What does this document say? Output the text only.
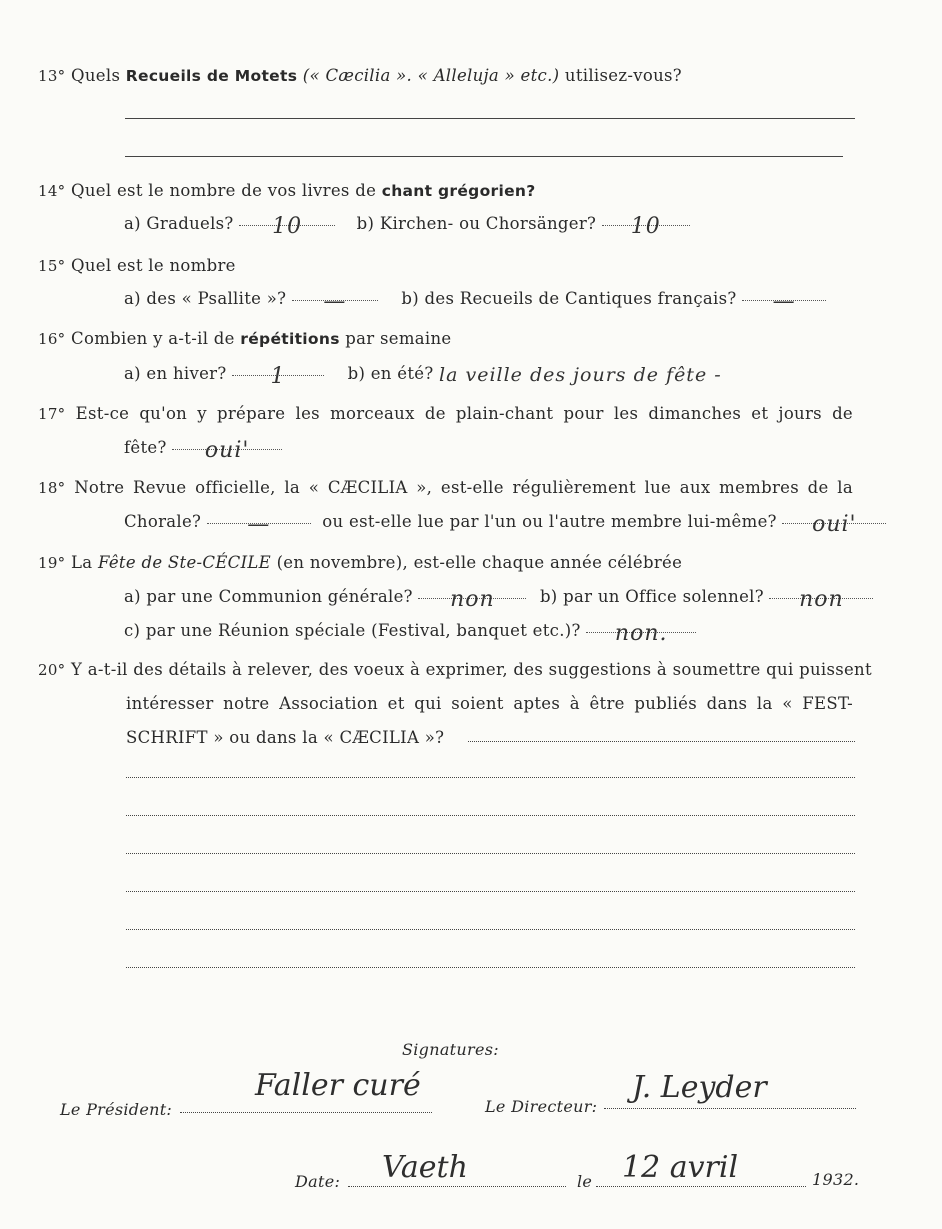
13° Quels Recueils de Motets (« Cæcilia ». « Alleluja » etc.) utilisez-vous?
14° Quel est le nombre de vos livres de chant grégorien?
a) Graduels?	10	b) Kirchen- ou Chorsänger?	10
15° Quel est le nombre
a) des « Psallite »?	—	b) des Recueils de Cantiques français?	—
16° Combien y a-t-il de répétitions par semaine
a) en hiver?	1	b) en été? la veille des jours de fête -
17° Est-ce qu'on y prépare les morceaux de plain-chant pour les dimanches et jours de
fête?	oui'
18° Notre Revue officielle, la « CÆCILIA », est-elle régulièrement lue aux membres de la
Chorale?	—	ou est-elle lue par l'un ou l'autre membre lui-même?	oui'
19° La Fête de Ste-CÉCILE (en novembre), est-elle chaque année célébrée
a) par une Communion générale?	non	b) par un Office solennel?	non
c) par une Réunion spéciale (Festival, banquet etc.)?	non.
20° Y a-t-il des détails à relever, des voeux à exprimer, des suggestions à soumettre qui puissent
intéresser notre Association et qui soient aptes à être publiés dans la « FEST-
SCHRIFT » ou dans la « CÆCILIA »?
Signatures:
Le Président:
Faller curé
Le Directeur:
J. Leyder
Date: Vaeth	le 12 avril	1932.
